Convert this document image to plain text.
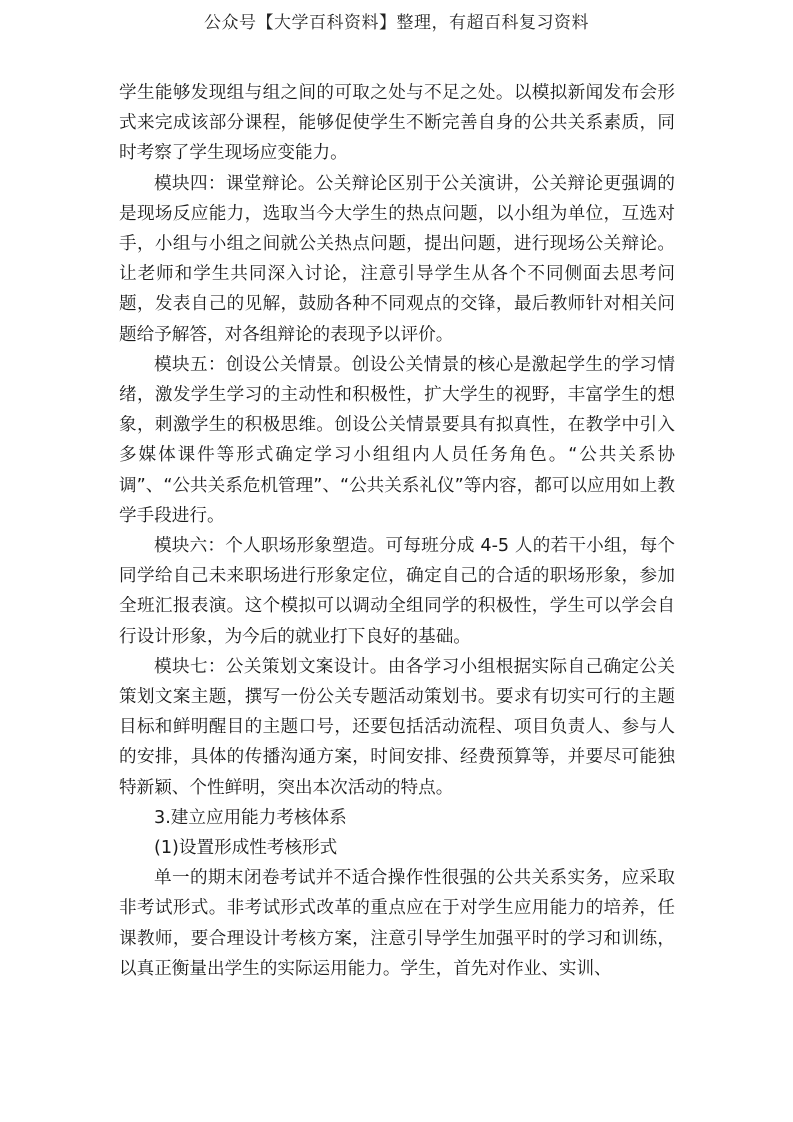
公众号【大学百科资料】整理，有超百科复习资料

学生能够发现组与组之间的可取之处与不足之处。以模拟新闻发布会形式来完成该部分课程，能够促使学生不断完善自身的公共关系素质，同时考察了学生现场应变能力。

模块四：课堂辩论。公关辩论区别于公关演讲，公关辩论更强调的是现场反应能力，选取当今大学生的热点问题，以小组为单位，互选对手，小组与小组之间就公关热点问题，提出问题，进行现场公关辩论。让老师和学生共同深入讨论，注意引导学生从各个不同侧面去思考问题，发表自己的见解，鼓励各种不同观点的交锋，最后教师针对相关问题给予解答，对各组辩论的表现予以评价。

模块五：创设公关情景。创设公关情景的核心是激起学生的学习情绪，激发学生学习的主动性和积极性，扩大学生的视野，丰富学生的想象，刺激学生的积极思维。创设公关情景要具有拟真性，在教学中引入多媒体课件等形式确定学习小组组内人员任务角色。“公共关系协调”、“公共关系危机管理”、“公共关系礼仪”等内容，都可以应用如上教学手段进行。

模块六：个人职场形象塑造。可每班分成 4-5 人的若干小组，每个同学给自己未来职场进行形象定位，确定自己的合适的职场形象，参加全班汇报表演。这个模拟可以调动全组同学的积极性，学生可以学会自行设计形象，为今后的就业打下良好的基础。

模块七：公关策划文案设计。由各学习小组根据实际自己确定公关策划文案主题，撰写一份公关专题活动策划书。要求有切实可行的主题目标和鲜明醒目的主题口号，还要包括活动流程、项目负责人、参与人的安排，具体的传播沟通方案，时间安排、经费预算等，并要尽可能独特新颖、个性鲜明，突出本次活动的特点。

3.建立应用能力考核体系

(1)设置形成性考核形式

单一的期末闭卷考试并不适合操作性很强的公共关系实务，应采取非考试形式。非考试形式改革的重点应在于对学生应用能力的培养，任课教师，要合理设计考核方案，注意引导学生加强平时的学习和训练，以真正衡量出学生的实际运用能力。学生，首先对作业、实训、
